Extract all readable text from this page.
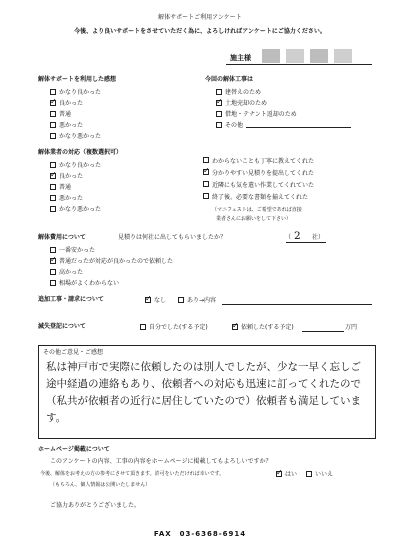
解体サポートご利用アンケート
今後、より良いサポートをさせていただく為に、よろしければアンケートにご協力ください。
施主様
解体サポートを利用した感想
かなり良かった
✓
良かった
普通
悪かった
かなり悪かった
今回の解体工事は
建替えのため
✓
土地売却のため
借地・テナント返却のため
その他
解体業者の対応（複数選択可）
かなり良かった
✓
良かった
普通
悪かった
かなり悪かった
わからないことも丁寧に教えてくれた
✓
分かりやすい見積りを提出してくれた
近隣にも気を遣い作業してくれていた
終了後、必要な書類を揃えてくれた
（マニフェストは、ご希望であれば直接
業者さんにお願いをして下さい）
解体費用について	見積りは何社に出してもらいましたか？	（ 2	社）
一番安かった
✓
普通だったが対応が良かったので依頼した
高かった
相場がよくわからない
追加工事・請求について ✓	なし	あり→内容
減失登記について	自分でした(する予定) ✓	依頼した(する予定)	万円
その他ご意見・ご感想
私は神戸市で実際に依頼したのは別人でしたが、少な一早く忘しご途中経過の連絡もあり、依頼者への対応も迅速に訂ってくれたので（私共が依頼者の近行に居住していたので）依頼者も満足しています。
ホームページ掲載について
このアンケートの内容、工事の内容をホームページに掲載してもよろしいですか？
今後、解体をお考えの方の参考にさせて頂きます。許可をいただければ幸いです。 ✓	はい	いいえ
（もちろん、個人情報は公開いたしません）
ご協力ありがとうございました。
FAX　03-6368-6914
